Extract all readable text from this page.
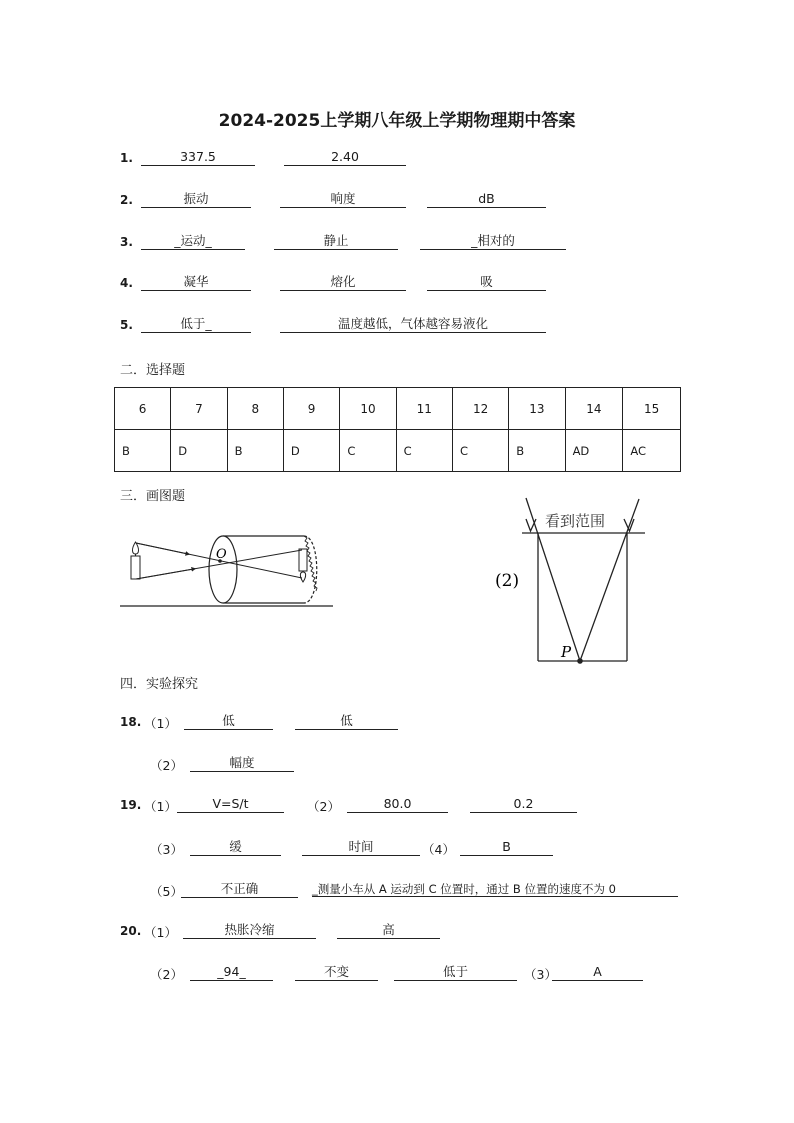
2024-2025上学期八年级上学期物理期中答案
1.	337.5	2.40
2.	振动	响度	dB
3.	_运动_	静止	_相对的
4.	凝华	熔化	吸
5.	低于_	温度越低，气体越容易液化
二．选择题
6	7	8	9	10	11	12	13	14	15
B	D	B	D	C	C	C	B	AD	AC
三．画图题
O
(2)
看到范围
P
四．实验探究
18. （1）	低	低
（2）	幅度
19. （1）	V=S/t	（2）	80.0	0.2
（3）	缓	时间	（4）	B
（5）	不正确	_测量小车从 A 运动到 C 位置时，通过 B 位置的速度不为 0
20. （1）	热胀冷缩	高
（2）	_94_	不变	低于	（3）	A
